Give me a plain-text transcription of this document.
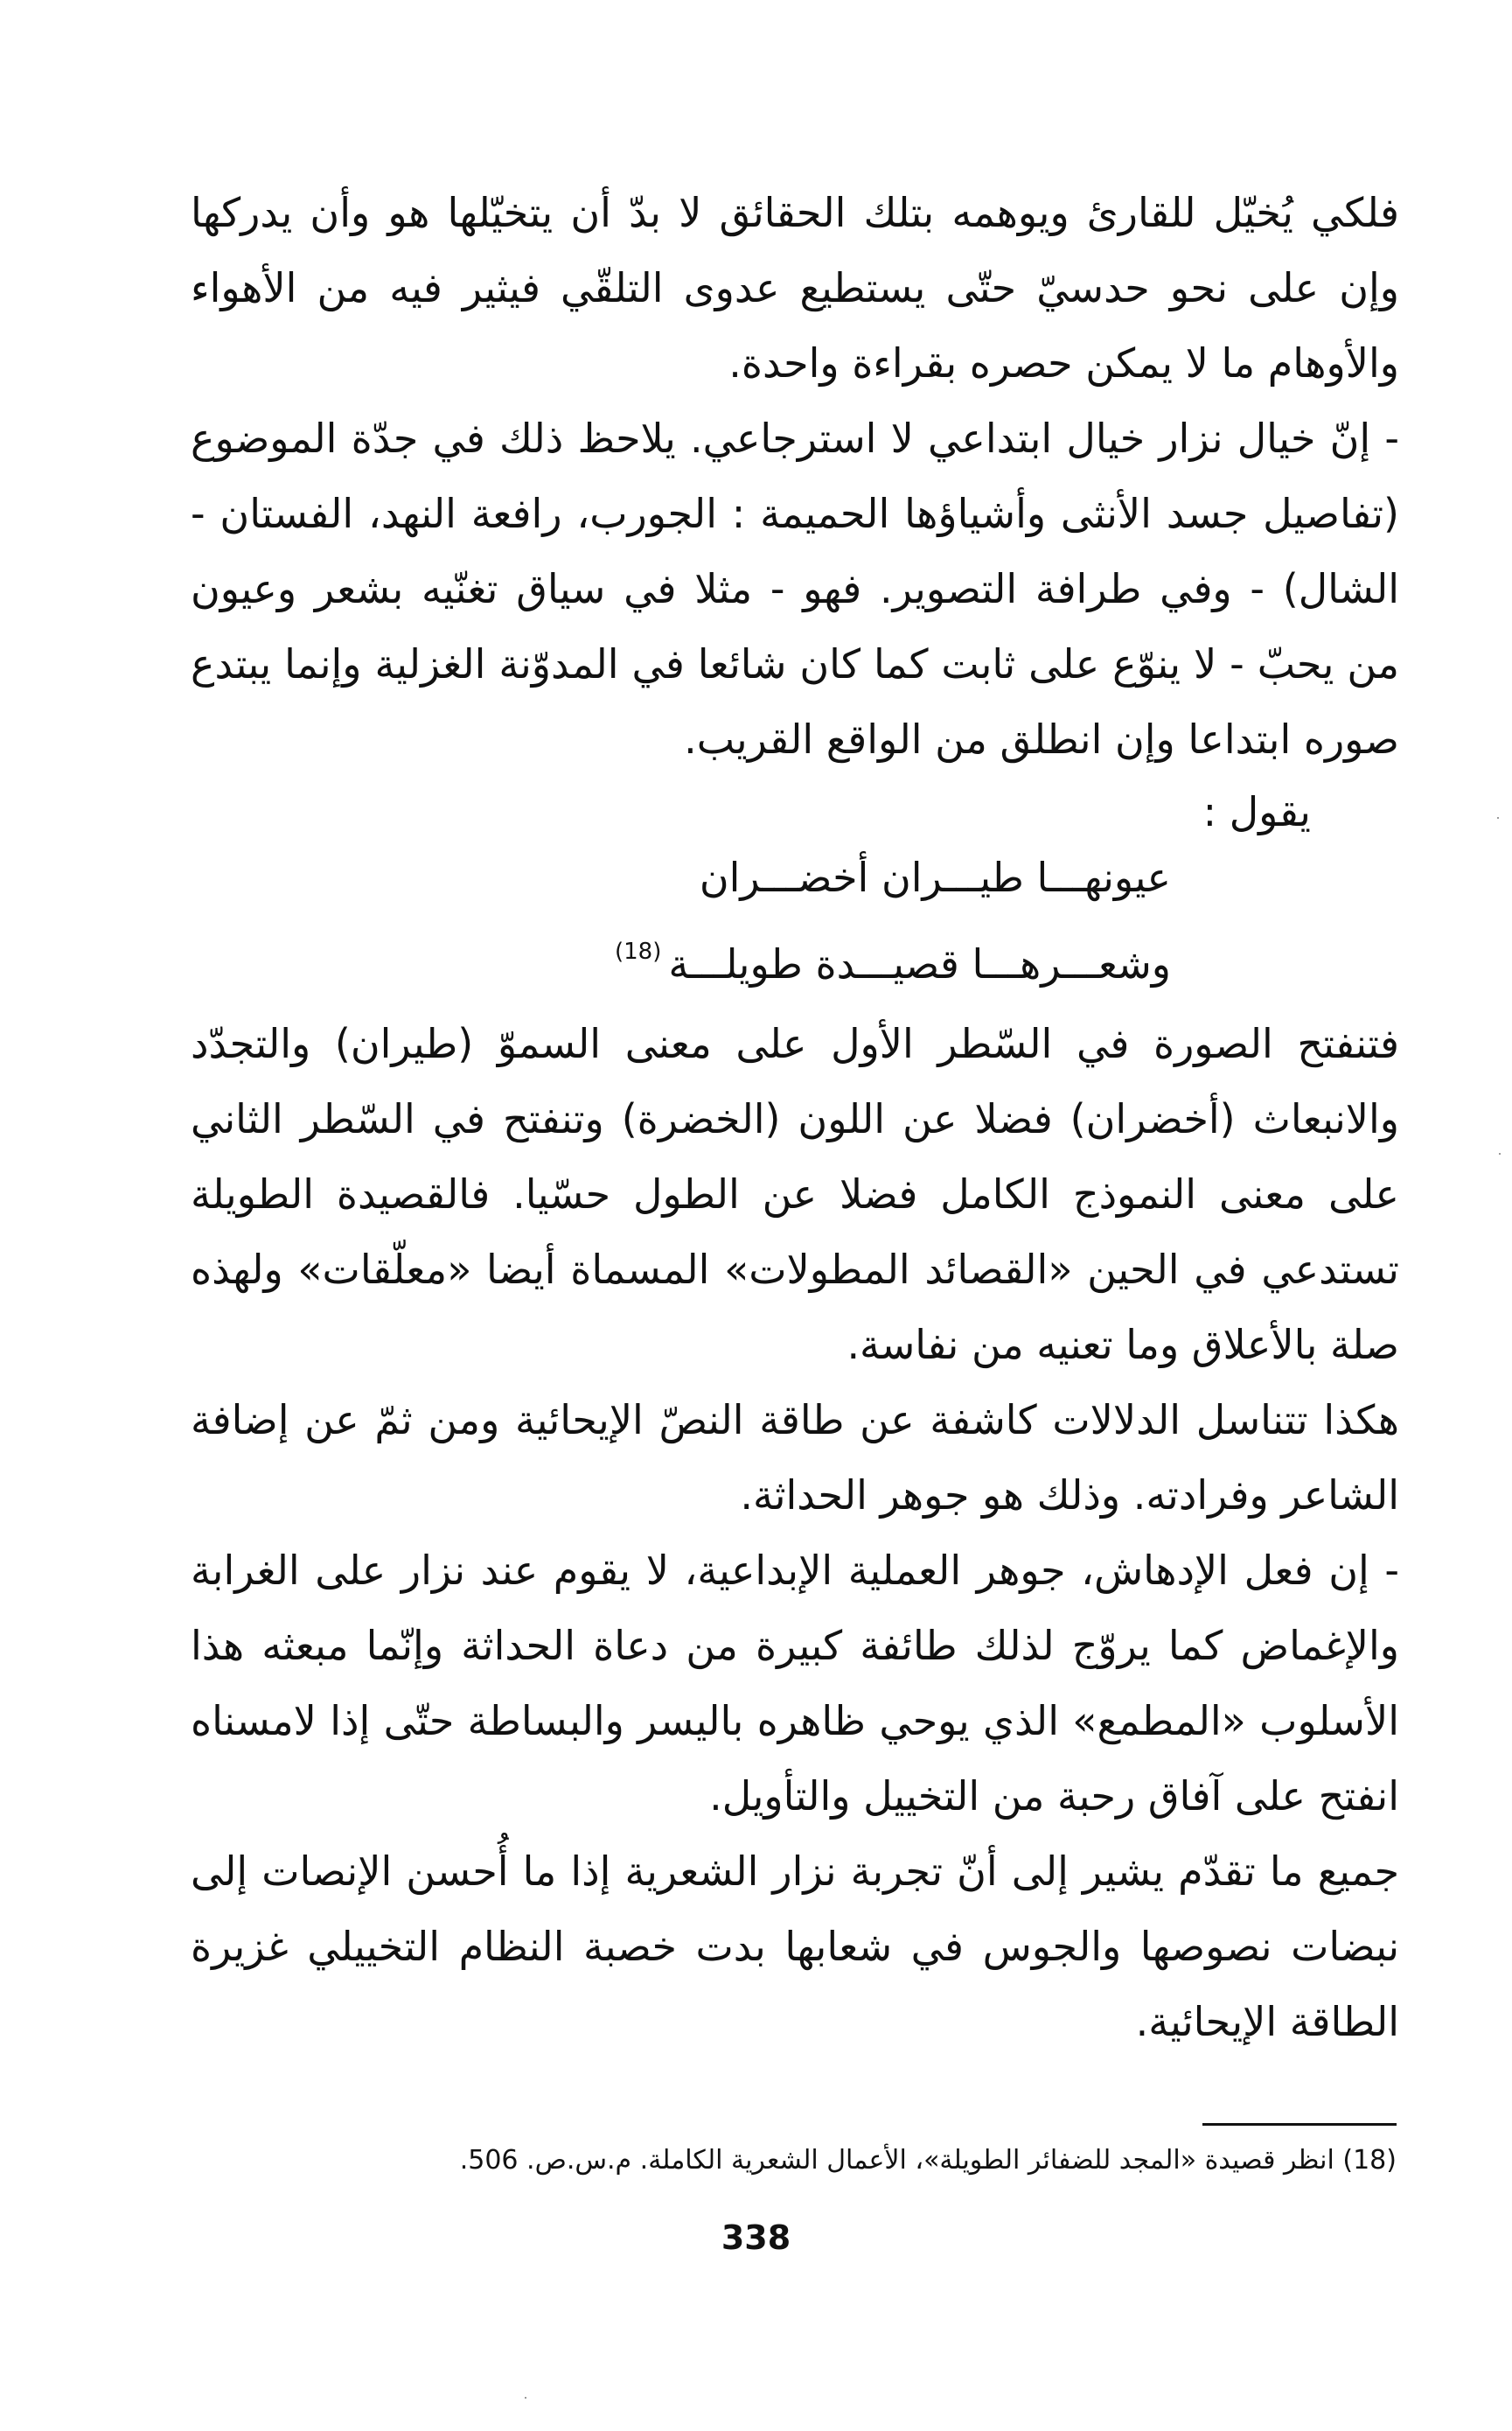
فلكي يُخيّل للقارئ ويوهمه بتلك الحقائق لا بدّ أن يتخيّلها هو وأن يدركها وإن على نحو حدسيّ حتّى يستطيع عدوى التلقّي فيثير فيه من الأهواء والأوهام ما لا يمكن حصره بقراءة واحدة.

- إنّ خيال نزار خيال ابتداعي لا استرجاعي. يلاحظ ذلك في جدّة الموضوع (تفاصيل جسد الأنثى وأشياؤها الحميمة : الجورب، رافعة النهد، الفستان - الشال) - وفي طرافة التصوير. فهو - مثلا في سياق تغنّيه بشعر وعيون من يحبّ - لا ينوّع على ثابت كما كان شائعا في المدوّنة الغزلية وإنما يبتدع صوره ابتداعا وإن انطلق من الواقع القريب.

يقول :
عيونهـــا طيـــران أخضـــران
وشعـــرهـــا قصيـــدة طويلـــة$^{(18)}$

فتنفتح الصورة في السّطر الأول على معنى السموّ (طيران) والتجدّد والانبعاث (أخضران) فضلا عن اللون (الخضرة) وتنفتح في السّطر الثاني على معنى النموذج الكامل فضلا عن الطول حسّيا. فالقصيدة الطويلة تستدعي في الحين «القصائد المطولات» المسماة أيضا «معلّقات» ولهذه صلة بالأعلاق وما تعنيه من نفاسة.

هكذا تتناسل الدلالات كاشفة عن طاقة النصّ الإيحائية ومن ثمّ عن إضافة الشاعر وفرادته. وذلك هو جوهر الحداثة.

- إن فعل الإدهاش، جوهر العملية الإبداعية، لا يقوم عند نزار على الغرابة والإغماض كما يروّج لذلك طائفة كبيرة من دعاة الحداثة وإنّما مبعثه هذا الأسلوب «المطمع» الذي يوحي ظاهره باليسر والبساطة حتّى إذا لامسناه انفتح على آفاق رحبة من التخييل والتأويل.

جميع ما تقدّم يشير إلى أنّ تجربة نزار الشعرية إذا ما أُحسن الإنصات إلى نبضات نصوصها والجوس في شعابها بدت خصبة النظام التخييلي غزيرة الطاقة الإيحائية.

(18) انظر قصيدة «المجد للضفائر الطويلة»، الأعمال الشعرية الكاملة. م.س.ص. 506.
338
